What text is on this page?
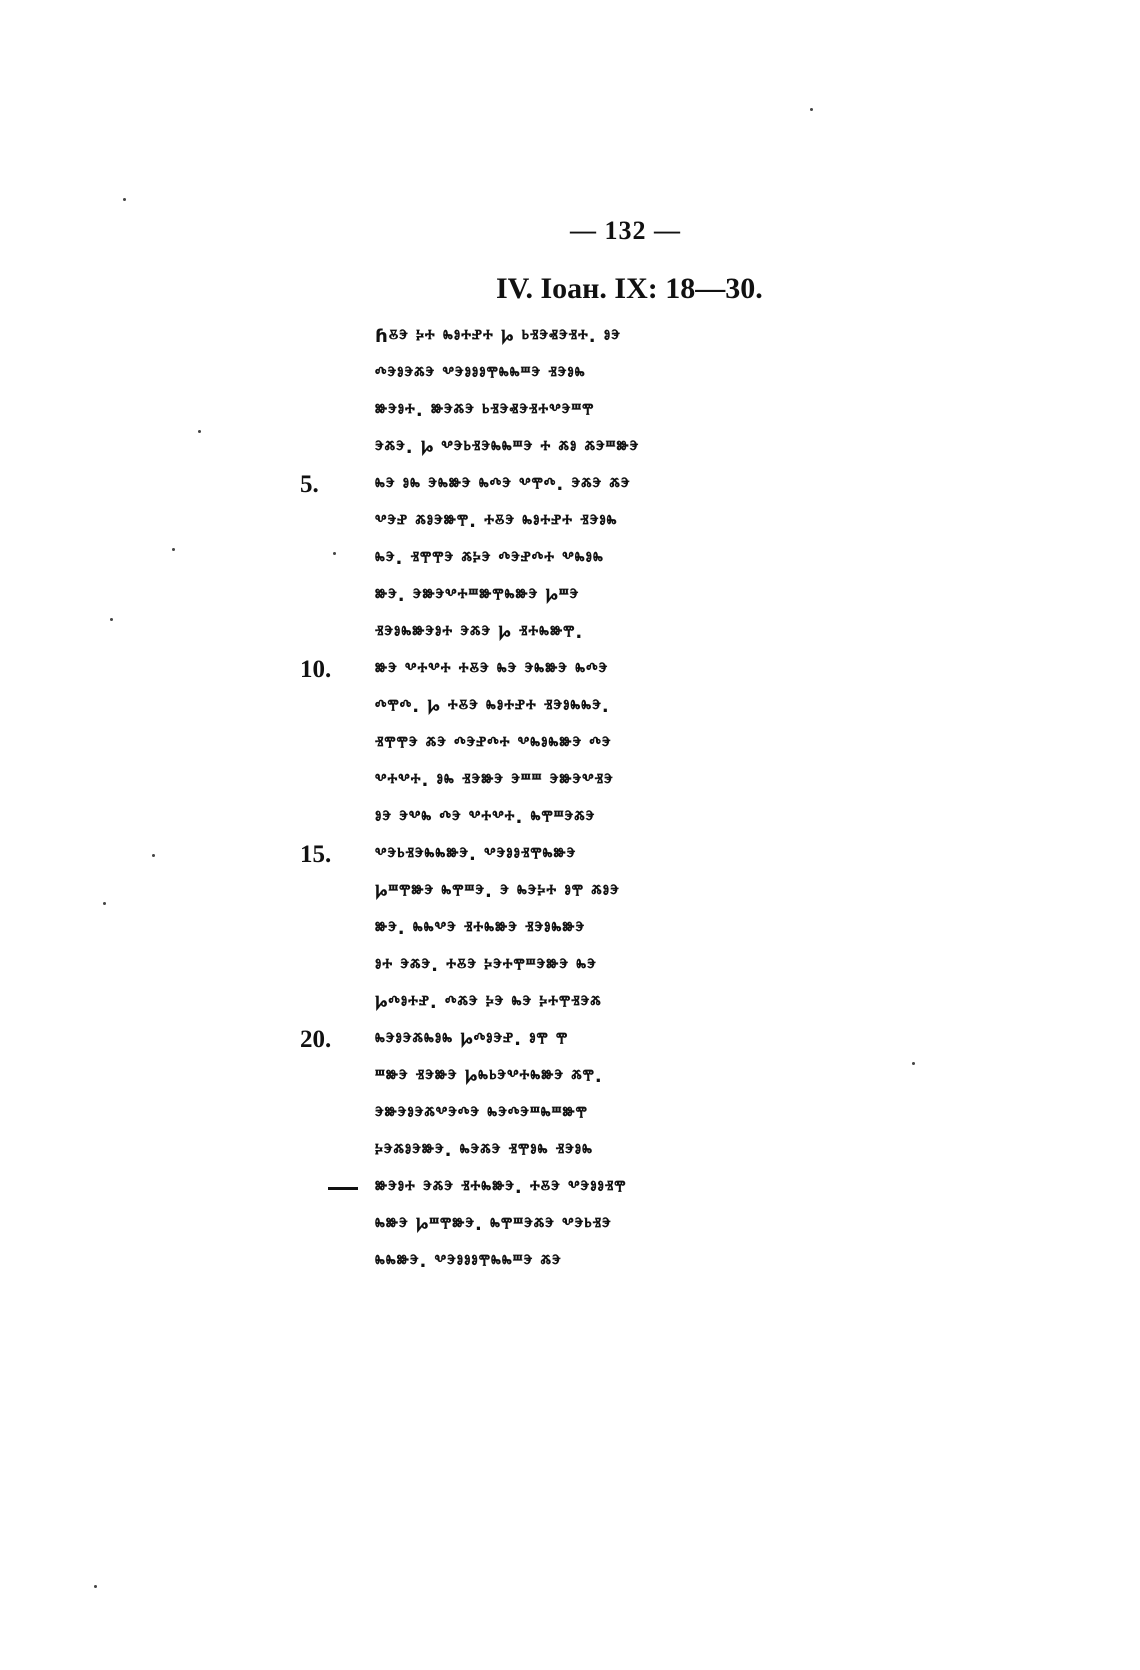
— 132 —
IV. Іоан. IX: 18—30.
ꚕⰻⰵ ⰽⰰ ⰸⱁⰰⱀⰰ Ⱈ ⱃⱐⰵⱏⰵⱐⰰ. ⱁⰵ
ⰴⰵⱁⰵⰶⰵ ⰲⰵⱁⱁⱁⰹⰸⰸⱎⰵ ⱐⰵⱁⰸ
ⱆⰵⱁⰰ. ⱆⰵⰶⰵ ⱃⱐⰵⱏⰵⱐⰰⰲⰵⱎⰹ
ⰵⰶⰵ. Ⱈ ⰲⰵⱃⱐⰵⰸⰸⱎⰵ ⰰ ⰶⱁ ⰶⰵⱎⱆⰵ
5.	ⰸⰵ ⱁⰸ ⰵⰸⱆⰵ ⰸⰴⰵ ⰲⰹⰴ. ⰵⰶⰵ ⰶⰵ
ⰲⰵⱀ ⰶⱁⰵⱆⰹ. ⰰⰻⰵ ⰸⱁⰰⱀⰰ ⱐⰵⱁⰸ
ⰸⰵ. ⱐⰹⰹⰵ ⰶⰽⰵ ⰴⰵⱀⰴⰰ ⰲⰸⱁⰸ
ⱆⰵ. ⰵⱆⰵⰲⰰⱎⱆⰹⰸⱆⰵ Ⱈⱎⰵ
ⱐⰵⱁⰸⱆⰵⱁⰰ ⰵⰶⰵ Ⱈ ⱐⰰⰸⱆⰹ.
10.	ⱆⰵ ⰲⰰⰲⰰ ⰰⰻⰵ ⰸⰵ ⰵⰸⱆⰵ ⰸⰴⰵ
ⰴⰹⰴ. Ⱈ ⰰⰻⰵ ⰸⱁⰰⱀⰰ ⱐⰵⱁⰸⰸⰵ.
ⱐⰹⰹⰵ ⰶⰵ ⰴⰵⱀⰴⰰ ⰲⰸⱁⰸⱆⰵ ⰴⰵ
ⰲⰰⰲⰰ. ⱁⰸ ⱐⰵⱆⰵ ⰵⱎⱎ ⰵⱆⰵⰲⱐⰵ
ⱁⰵ ⰵⰲⰸ ⰴⰵ ⰲⰰⰲⰰ. ⰸⰹⱎⰵⰶⰵ
15.	ⰲⰵⱃⱐⰵⰸⰸⱆⰵ. ⰲⰵⱁⱁⱐⰹⰸⱆⰵ
Ⱈⱎⰹⱆⰵ ⰸⰹⱎⰵ. ⰵ ⰸⰵⰽⰰ ⱁⰹ ⰶⱁⰵ
ⱆⰵ. ⰸⰸⰲⰵ ⱐⰰⰸⱆⰵ ⱐⰵⱁⰸⱆⰵ
ⱁⰰ ⰵⰶⰵ. ⰰⰻⰵ ⰽⰵⰰⰹⱎⰵⱆⰵ ⰸⰵ
Ⱈⰴⱁⰰⱀ. ⰴⰶⰵ ⰽⰵ ⰸⰵ ⰽⰰⰹⱐⰵⰶ
20.	ⰸⰵⱁⰵⰶⰸⱁⰸ Ⱈⰴⱁⰵⱀ. ⱁⰹ ⰹ
ⱎⱆⰵ ⱐⰵⱆⰵ Ⱈⰸⱃⰵⰲⰰⰸⱆⰵ ⰶⰹ.
ⰵⱆⰵⱁⰵⰶⰲⰵⰴⰵ ⰸⰵⰴⰵⱎⰸⱎⱆⰹ
ⰽⰵⰶⱁⰵⱆⰵ. ⰸⰵⰶⰵ ⱐⰹⱁⰸ ⱐⰵⱁⰸ
ⱆⰵⱁⰰ ⰵⰶⰵ ⱐⰰⰸⱆⰵ. ⰰⰻⰵ ⰲⰵⱁⱁⱐⰹ
ⰸⱆⰵ Ⱈⱎⰹⱆⰵ. ⰸⰹⱎⰵⰶⰵ ⰲⰵⱃⱐⰵ
ⰸⰸⱆⰵ. ⰲⰵⱁⱁⱁⰹⰸⰸⱎⰵ ⰶⰵ
